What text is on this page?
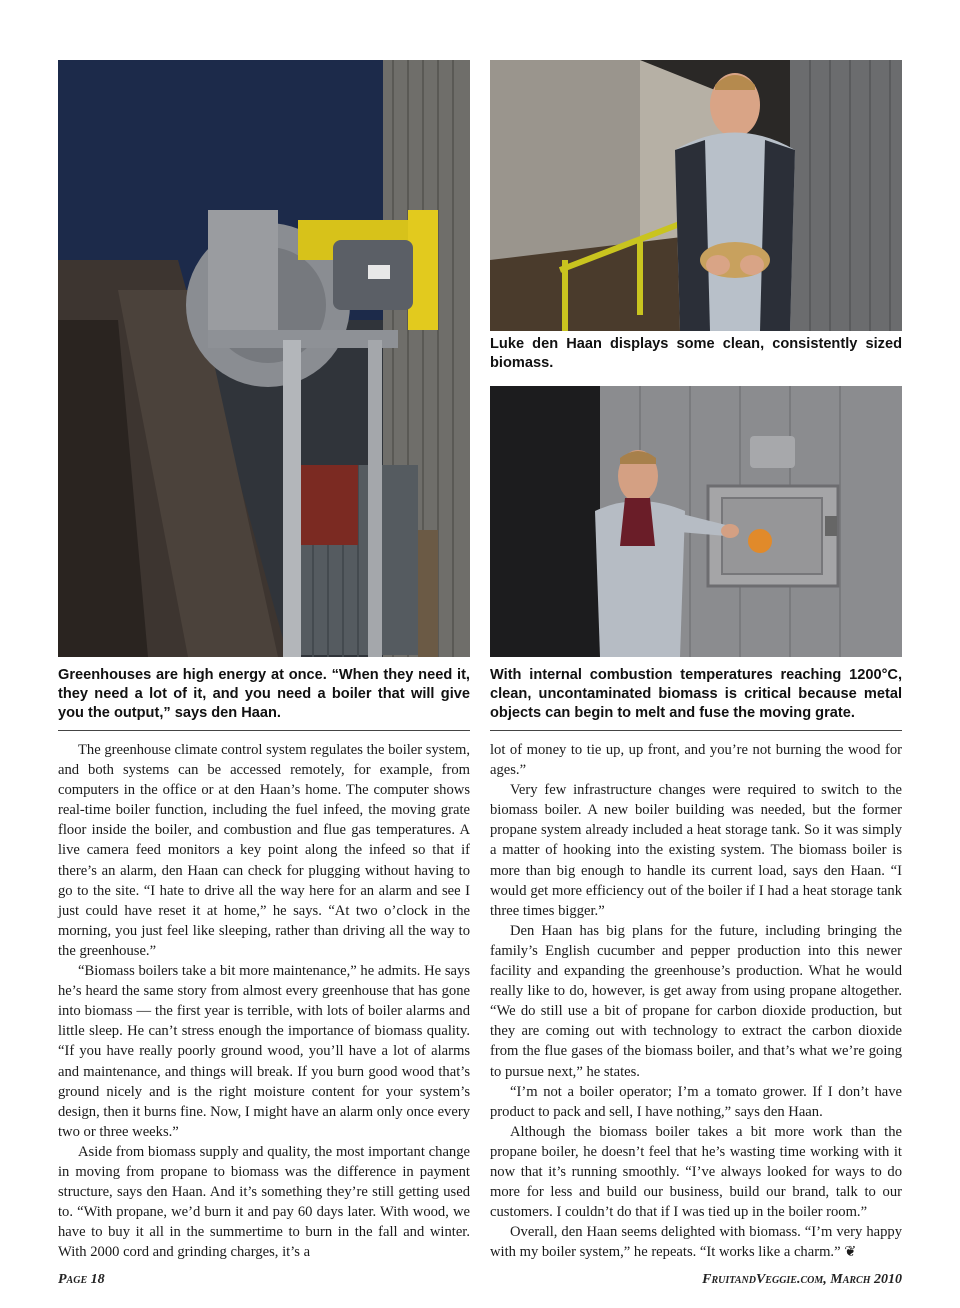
Luke den Haan displays some clean, consistently sized biomass.

Greenhouses are high energy at once. “When they need it, they need a lot of it, and you need a boiler that will give you the output,” says den Haan.

With internal combustion temperatures reaching 1200°C, clean, uncontaminated biomass is critical because metal objects can begin to melt and fuse the moving grate.

The greenhouse climate control system regulates the boiler system, and both systems can be accessed remotely, for example, from computers in the office or at den Haan’s home. The computer shows real-time boiler function, including the fuel infeed, the moving grate floor inside the boiler, and combustion and flue gas temperatures. A live camera feed monitors a key point along the infeed so that if there’s an alarm, den Haan can check for plugging without having to go to the site. “I hate to drive all the way here for an alarm and see I just could have reset it at home,” he says. “At two o’clock in the morning, you just feel like sleeping, rather than driving all the way to the greenhouse.”

“Biomass boilers take a bit more maintenance,” he admits. He says he’s heard the same story from almost every greenhouse that has gone into biomass — the first year is terrible, with lots of boiler alarms and little sleep. He can’t stress enough the importance of biomass quality. “If you have really poorly ground wood, you’ll have a lot of alarms and maintenance, and things will break. If you burn good wood that’s ground nicely and is the right moisture content for your system’s design, then it burns fine. Now, I might have an alarm only once every two or three weeks.”

Aside from biomass supply and quality, the most important change in moving from propane to biomass was the difference in payment structure, says den Haan. And it’s something they’re still getting used to. “With propane, we’d burn it and pay 60 days later. With wood, we have to buy it all in the summertime to burn in the fall and winter. With 2000 cord and grinding charges, it’s a

lot of money to tie up, up front, and you’re not burning the wood for ages.”

Very few infrastructure changes were required to switch to the biomass boiler. A new boiler building was needed, but the former propane system already included a heat storage tank. So it was simply a matter of hooking into the existing system. The biomass boiler is more than big enough to handle its current load, says den Haan. “I would get more efficiency out of the boiler if I had a heat storage tank three times bigger.”

Den Haan has big plans for the future, including bringing the family’s English cucumber and pepper production into this newer facility and expanding the greenhouse’s production. What he would really like to do, however, is get away from using propane altogether. “We do still use a bit of propane for carbon dioxide production, but they are coming out with technology to extract the carbon dioxide from the flue gases of the biomass boiler, and that’s what we’re going to pursue next,” he states.

“I’m not a boiler operator; I’m a tomato grower. If I don’t have product to pack and sell, I have nothing,” says den Haan.

Although the biomass boiler takes a bit more work than the propane boiler, he doesn’t feel that he’s wasting time working with it now that it’s running smoothly. “I’ve always looked for ways to do more for less and build our business, build our brand, talk to our customers. I couldn’t do that if I was tied up in the boiler room.”

Overall, den Haan seems delighted with biomass. “I’m very happy with my boiler system,” he repeats. “It works like a charm.” ❦

Page 18	FruitandVeggie.com, March 2010
